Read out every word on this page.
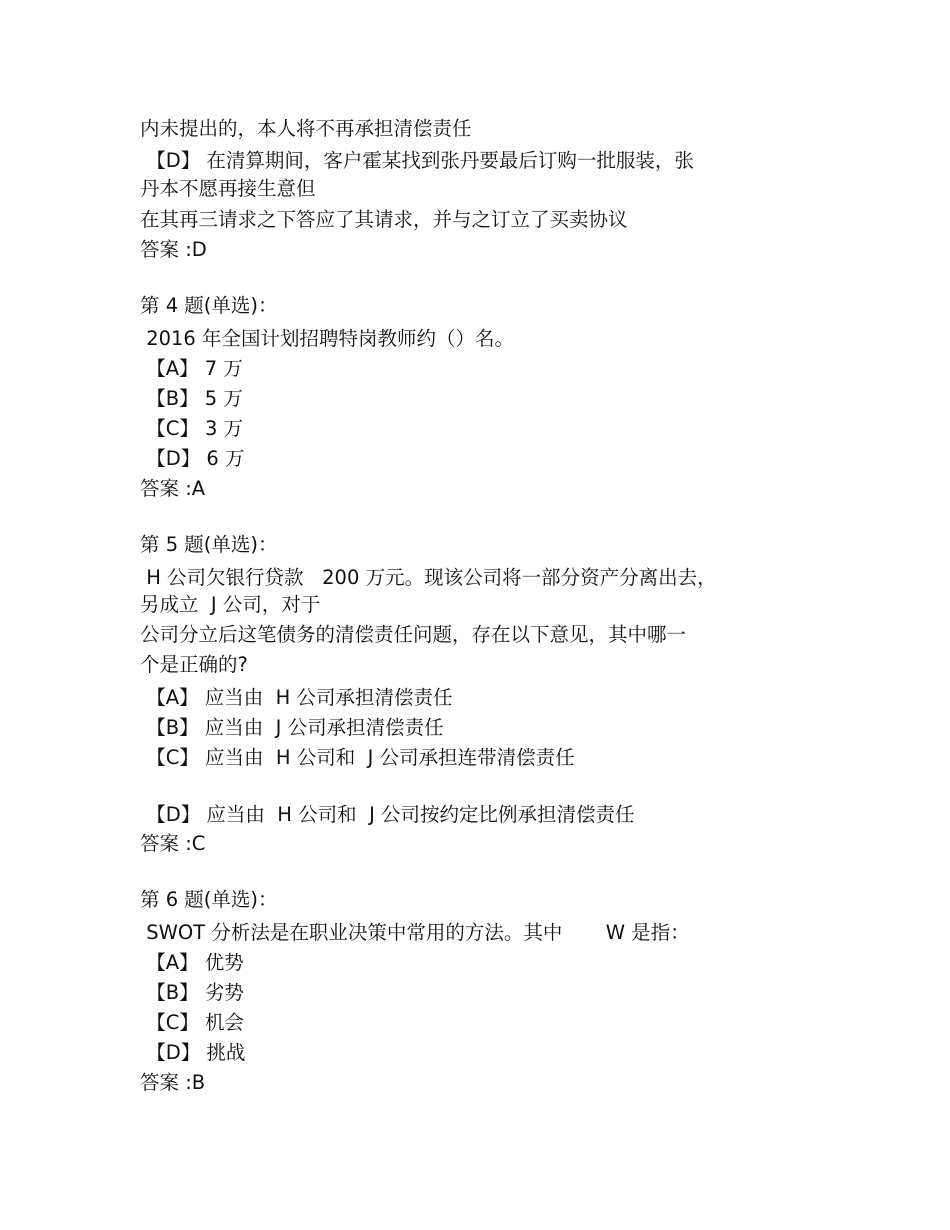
内未提出的，本人将不再承担清偿责任
【D】 在清算期间，客户霍某找到张丹要最后订购一批服装，张
丹本不愿再接生意但
在其再三请求之下答应了其请求，并与之订立了买卖协议
答案 :D
第 4 题(单选)：
2016 年全国计划招聘特岗教师约（）名。
【A】 7 万
【B】 5 万
【C】 3 万
【D】 6 万
答案 :A
第 5 题(单选)：
H 公司欠银行贷款   200 万元。现该公司将一部分资产分离出去，
另成立  J 公司，对于
公司分立后这笔债务的清偿责任问题，存在以下意见，其中哪一
个是正确的?
【A】 应当由  H 公司承担清偿责任
【B】 应当由  J 公司承担清偿责任
【C】 应当由  H 公司和  J 公司承担连带清偿责任
【D】 应当由  H 公司和  J 公司按约定比例承担清偿责任
答案 :C
第 6 题(单选)：
SWOT 分析法是在职业决策中常用的方法。其中       W 是指：
【A】 优势
【B】 劣势
【C】 机会
【D】 挑战
答案 :B
